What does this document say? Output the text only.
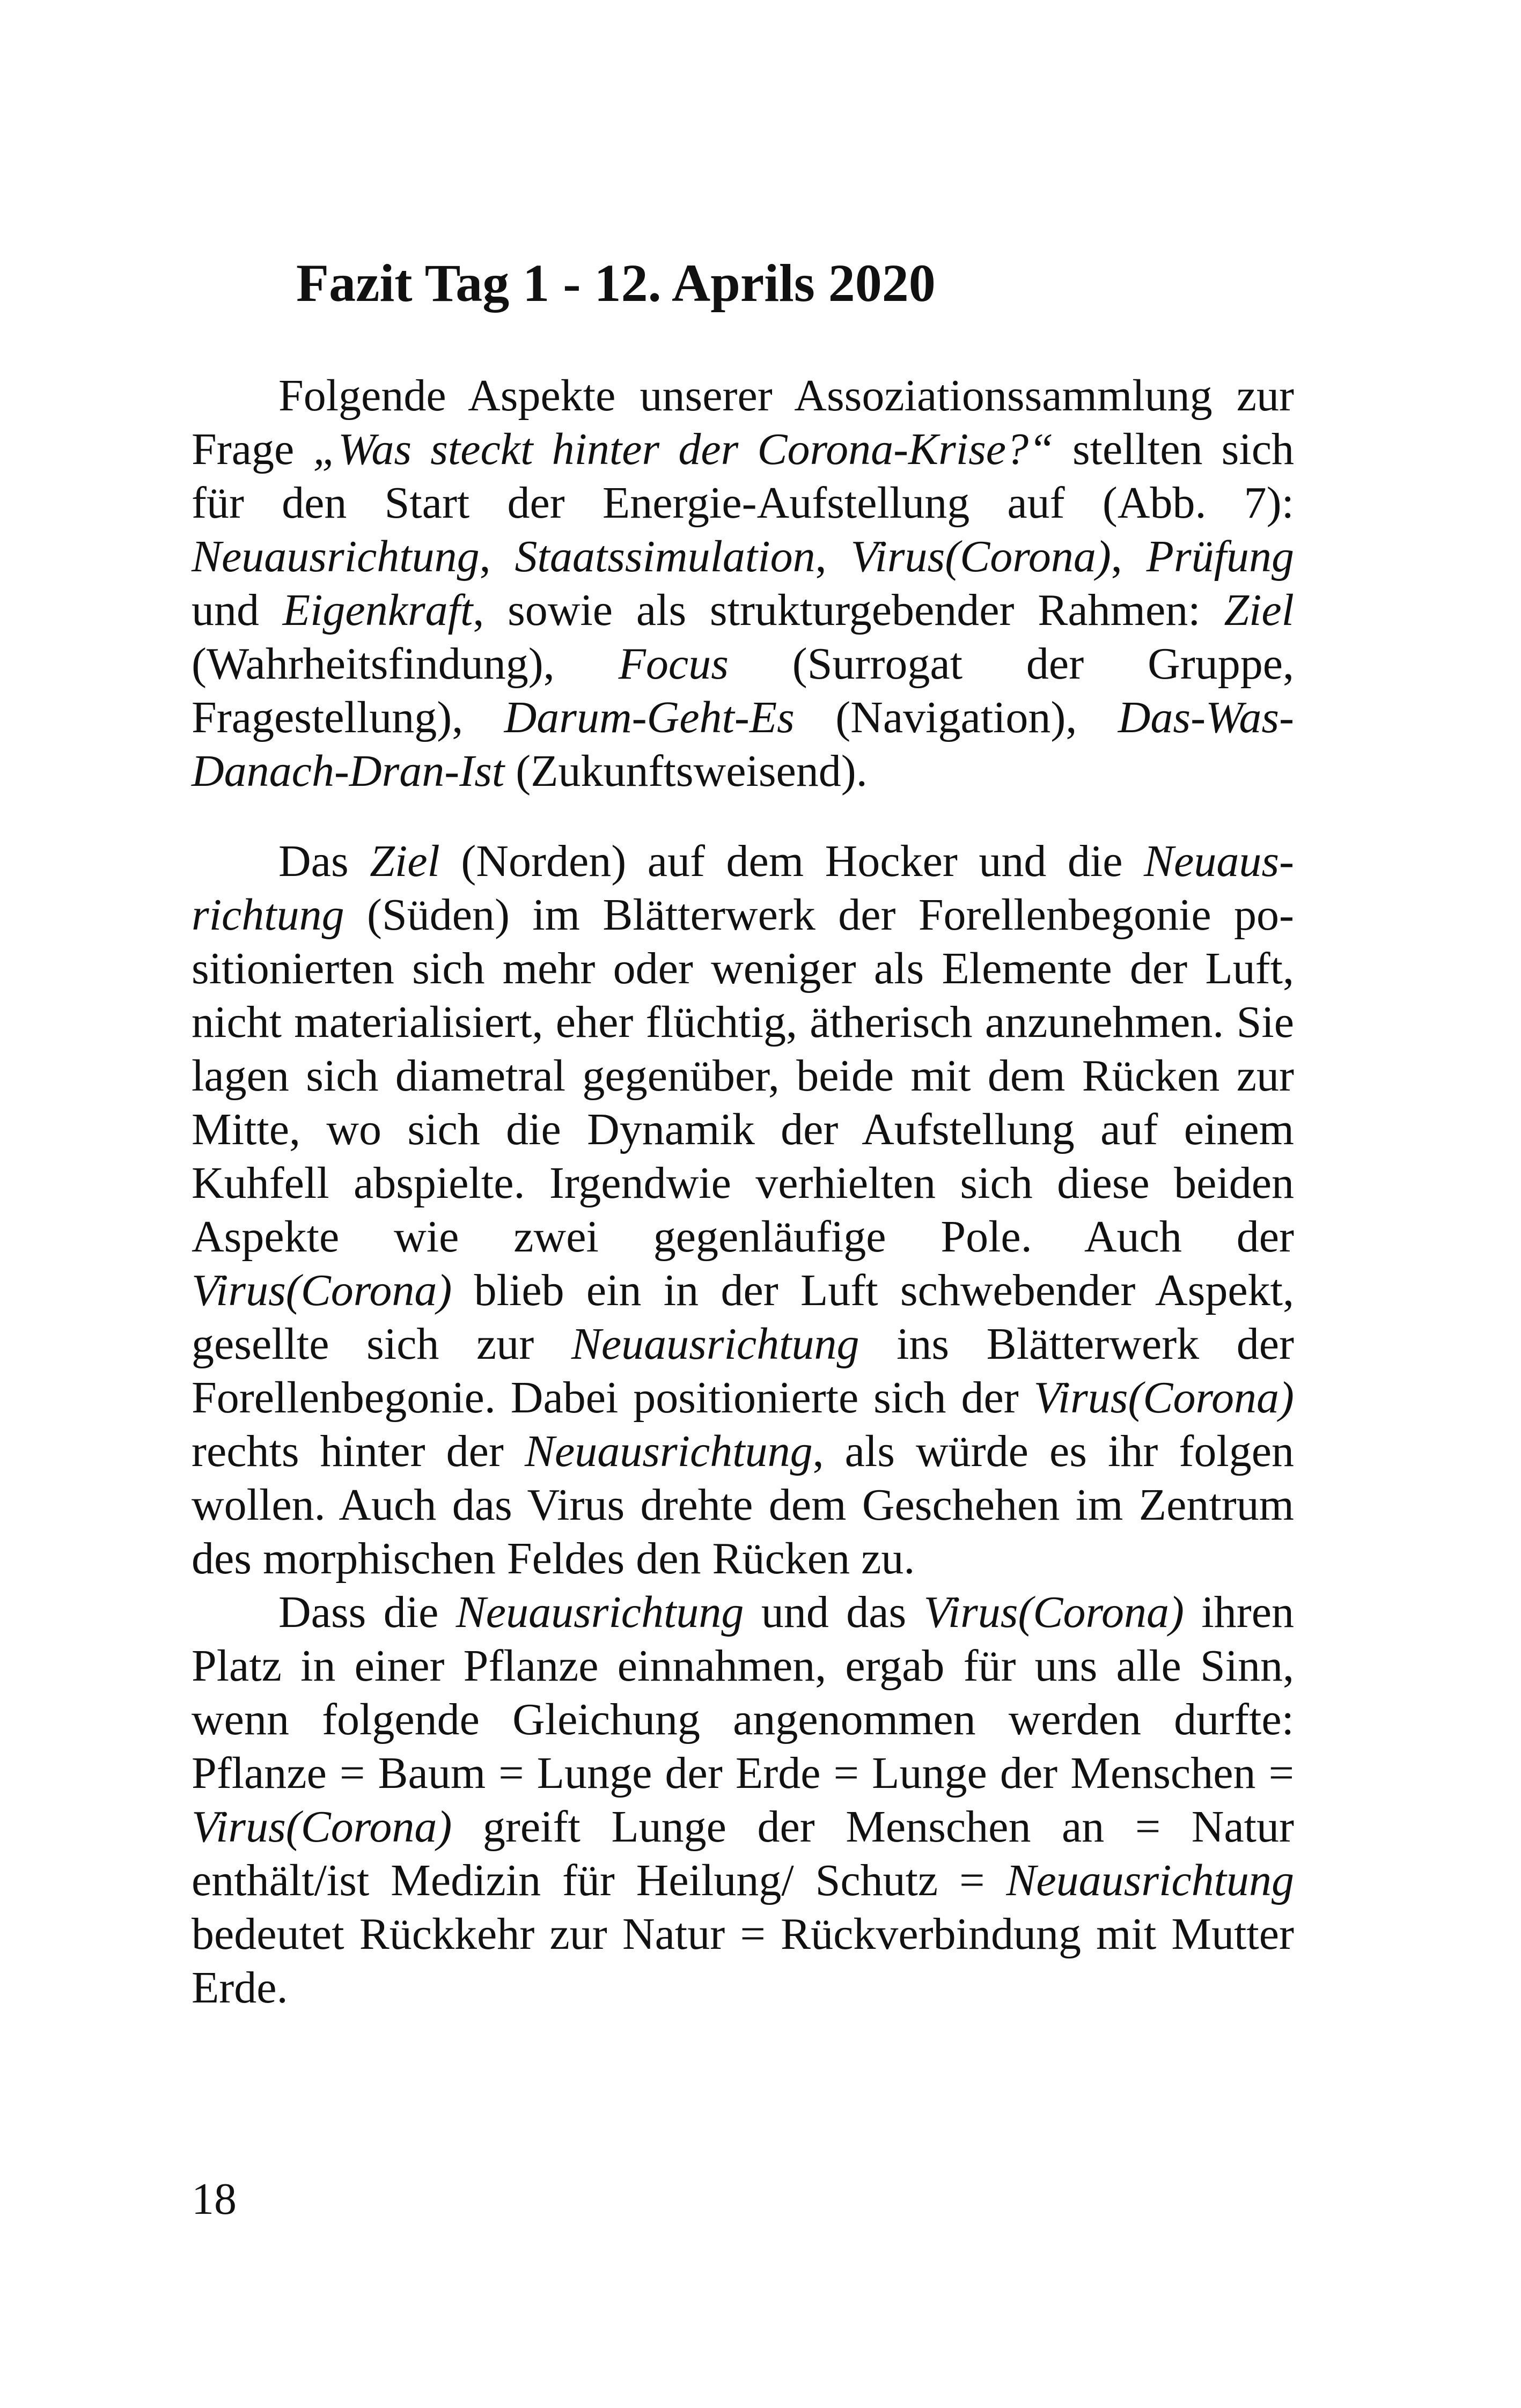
Fazit Tag 1 - 12. Aprils 2020

Folgende Aspekte unserer Assoziationssammlung zur Frage „Was steckt hinter der Corona-Krise?“ stellten sich für den Start der Energie-Aufstellung auf (Abb. 7): Neuausrichtung, Staatssimulation, Virus(Corona), Prüfung und Eigenkraft, sowie als strukturgebender Rahmen: Ziel (Wahrheitsfindung), Focus (Surrogat der Gruppe, Fragestellung), Darum-Geht-Es (Navigation), Das-Was-Danach-Dran-Ist (Zukunftsweisend).

Das Ziel (Norden) auf dem Hocker und die Neuausrichtung (Süden) im Blätterwerk der Forellenbegonie positionierten sich mehr oder weniger als Elemente der Luft, nicht materialisiert, eher flüchtig, ätherisch anzunehmen. Sie lagen sich diametral gegenüber, beide mit dem Rücken zur Mitte, wo sich die Dynamik der Aufstellung auf einem Kuhfell abspielte. Irgendwie verhielten sich diese beiden Aspekte wie zwei gegenläufige Pole. Auch der Virus(Corona) blieb ein in der Luft schwebender Aspekt, gesellte sich zur Neuausrichtung ins Blätterwerk der Forellenbegonie. Dabei positionierte sich der Virus(Corona) rechts hinter der Neuausrichtung, als würde es ihr folgen wollen. Auch das Virus drehte dem Geschehen im Zentrum des morphischen Feldes den Rücken zu.

Dass die Neuausrichtung und das Virus(Corona) ihren Platz in einer Pflanze einnahmen, ergab für uns alle Sinn, wenn folgende Gleichung angenommen werden durfte: Pflanze = Baum = Lunge der Erde = Lunge der Menschen = Virus(Corona) greift Lunge der Menschen an = Natur enthält/ist Medizin für Heilung/ Schutz = Neuausrichtung bedeutet Rückkehr zur Natur = Rückverbindung mit Mutter Erde.

18
